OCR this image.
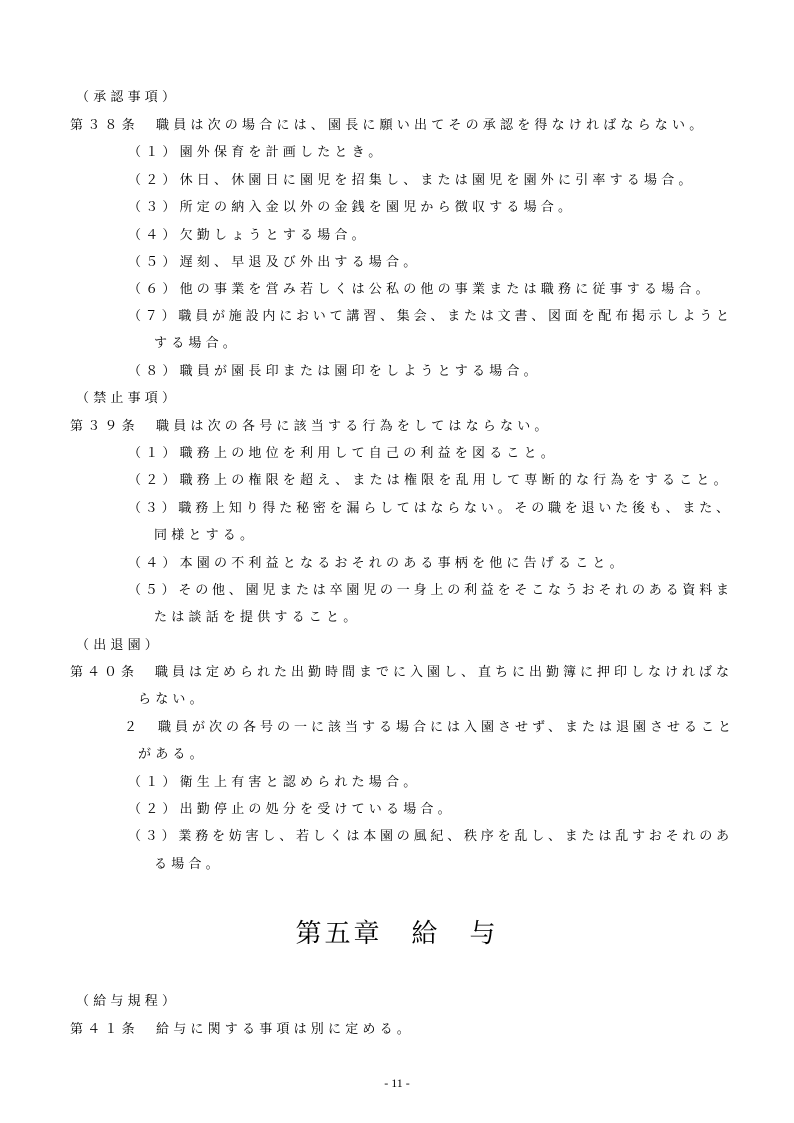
（承認事項）
第３８条　職員は次の場合には、園長に願い出てその承認を得なければならない。
（１）園外保育を計画したとき。
（２）休日、休園日に園児を招集し、または園児を園外に引率する場合。
（３）所定の納入金以外の金銭を園児から徴収する場合。
（４）欠勤しょうとする場合。
（５）遅刻、早退及び外出する場合。
（６）他の事業を営み若しくは公私の他の事業または職務に従事する場合。
（７）職員が施設内において講習、集会、または文書、図面を配布掲示しようと
する場合。
（８）職員が園長印または園印をしようとする場合。
（禁止事項）
第３９条　職員は次の各号に該当する行為をしてはならない。
（１）職務上の地位を利用して自己の利益を図ること。
（２）職務上の権限を超え、または権限を乱用して専断的な行為をすること。
（３）職務上知り得た秘密を漏らしてはならない。その職を退いた後も、また、
同様とする。
（４）本園の不利益となるおそれのある事柄を他に告げること。
（５）その他、園児または卒園児の一身上の利益をそこなうおそれのある資料ま
たは談話を提供すること。
（出退園）
第４０条　職員は定められた出勤時間までに入園し、直ちに出勤簿に押印しなければな
らない。
２　職員が次の各号の一に該当する場合には入園させず、または退園させること
がある。
（１）衛生上有害と認められた場合。
（２）出勤停止の処分を受けている場合。
（３）業務を妨害し、若しくは本園の風紀、秩序を乱し、または乱すおそれのあ
る場合。
第五章　給　与
（給与規程）
第４１条　給与に関する事項は別に定める。
- 11 -
